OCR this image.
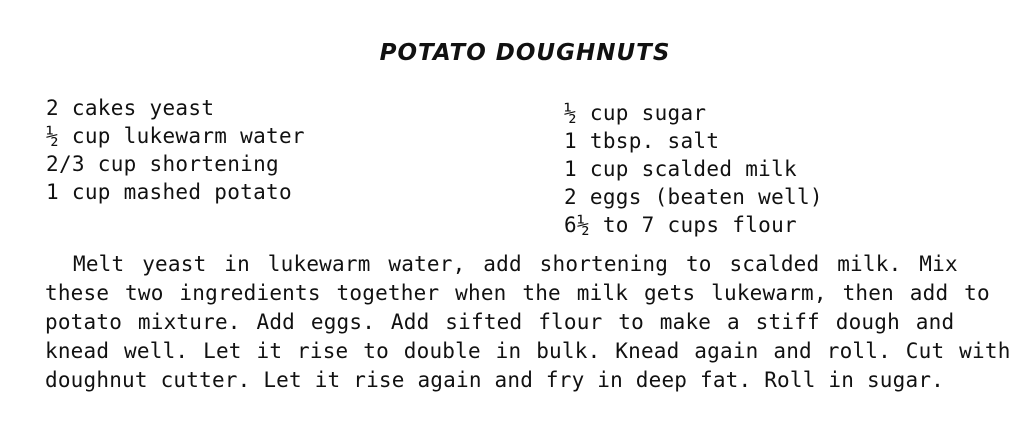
POTATO DOUGHNUTS
2 cakes yeast
½ cup lukewarm water
2/3 cup shortening
1 cup mashed potato
½ cup sugar
1 tbsp. salt
1 cup scalded milk
2 eggs (beaten well)
6½ to 7 cups flour

Melt yeast in lukewarm water, add shortening to scalded milk. Mix
these two ingredients together when the milk gets lukewarm, then add to
potato mixture. Add eggs. Add sifted flour to make a stiff dough and
knead well. Let it rise to double in bulk. Knead again and roll. Cut with
doughnut cutter. Let it rise again and fry in deep fat. Roll in sugar.
